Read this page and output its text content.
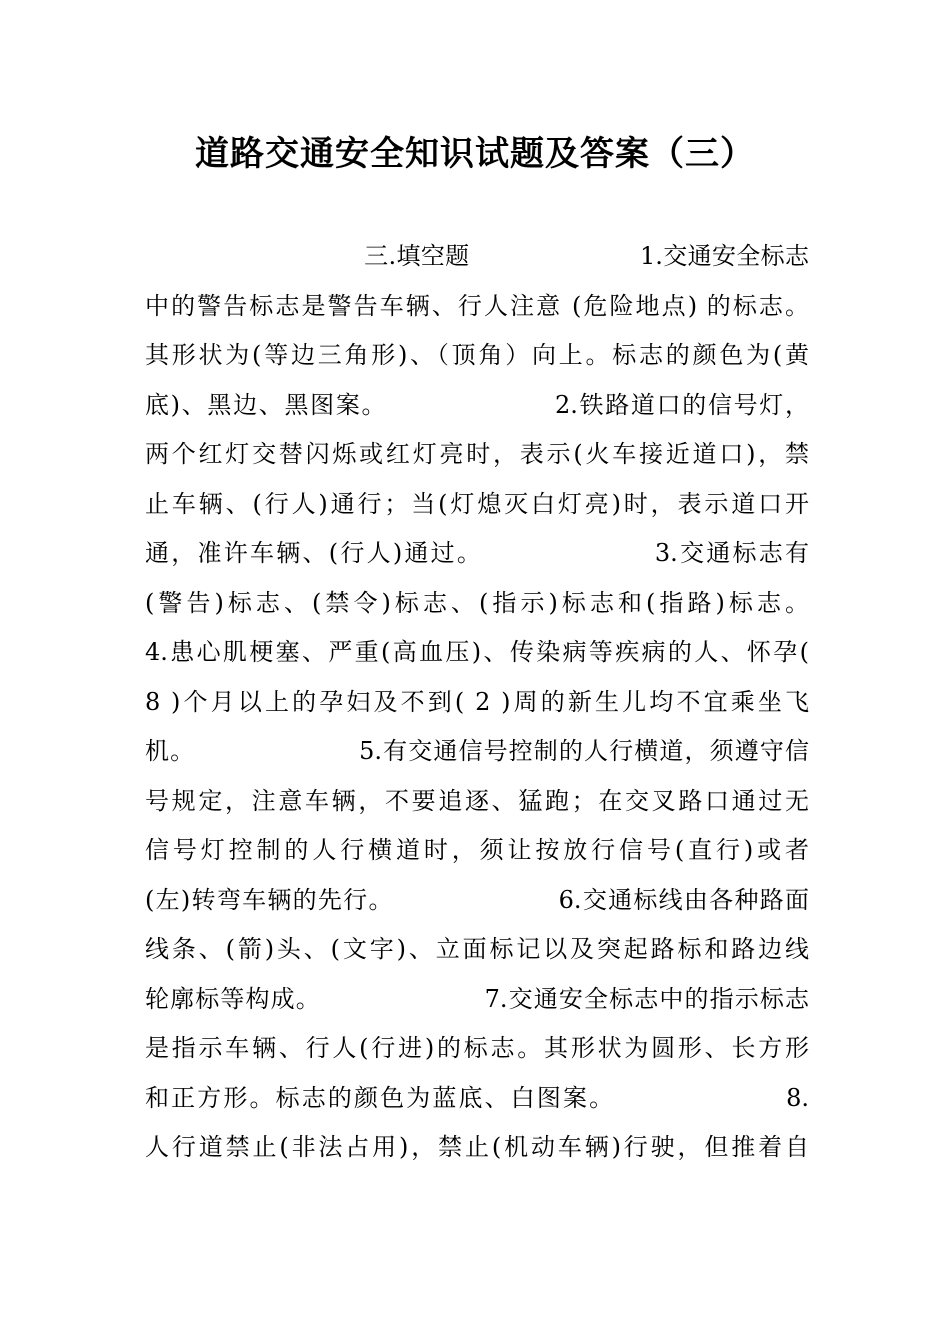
道路交通安全知识试题及答案（三）
　　　　　　　　　三.填空题　　　　　　　1.交通安全标志
中的警告标志是警告车辆、行人注意 (危险地点) 的标志。
其形状为(等边三角形)、（顶角）向上。标志的颜色为(黄
底)、黑边、黑图案。　　　　　　　2.铁路道口的信号灯，
两个红灯交替闪烁或红灯亮时，表示(火车接近道口)，禁
止车辆、(行人)通行；当(灯熄灭白灯亮)时，表示道口开
通，准许车辆、(行人)通过。　　　　　　　3.交通标志有
(警告)标志、(禁令)标志、(指示)标志和(指路)标志。
4.患心肌梗塞、严重(高血压)、传染病等疾病的人、怀孕(
8 )个月以上的孕妇及不到( 2 )周的新生儿均不宜乘坐飞
机。　　　　　　　5.有交通信号控制的人行横道，须遵守信
号规定，注意车辆，不要追逐、猛跑；在交叉路口通过无
信号灯控制的人行横道时，须让按放行信号(直行)或者
(左)转弯车辆的先行。　　　　　　　6.交通标线由各种路面
线条、(箭)头、(文字)、立面标记以及突起路标和路边线
轮廓标等构成。　　　　　　　7.交通安全标志中的指示标志
是指示车辆、行人(行进)的标志。其形状为圆形、长方形
和正方形。标志的颜色为蓝底、白图案。　　　　　　　8.
人行道禁止(非法占用)，禁止(机动车辆)行驶，但推着自
